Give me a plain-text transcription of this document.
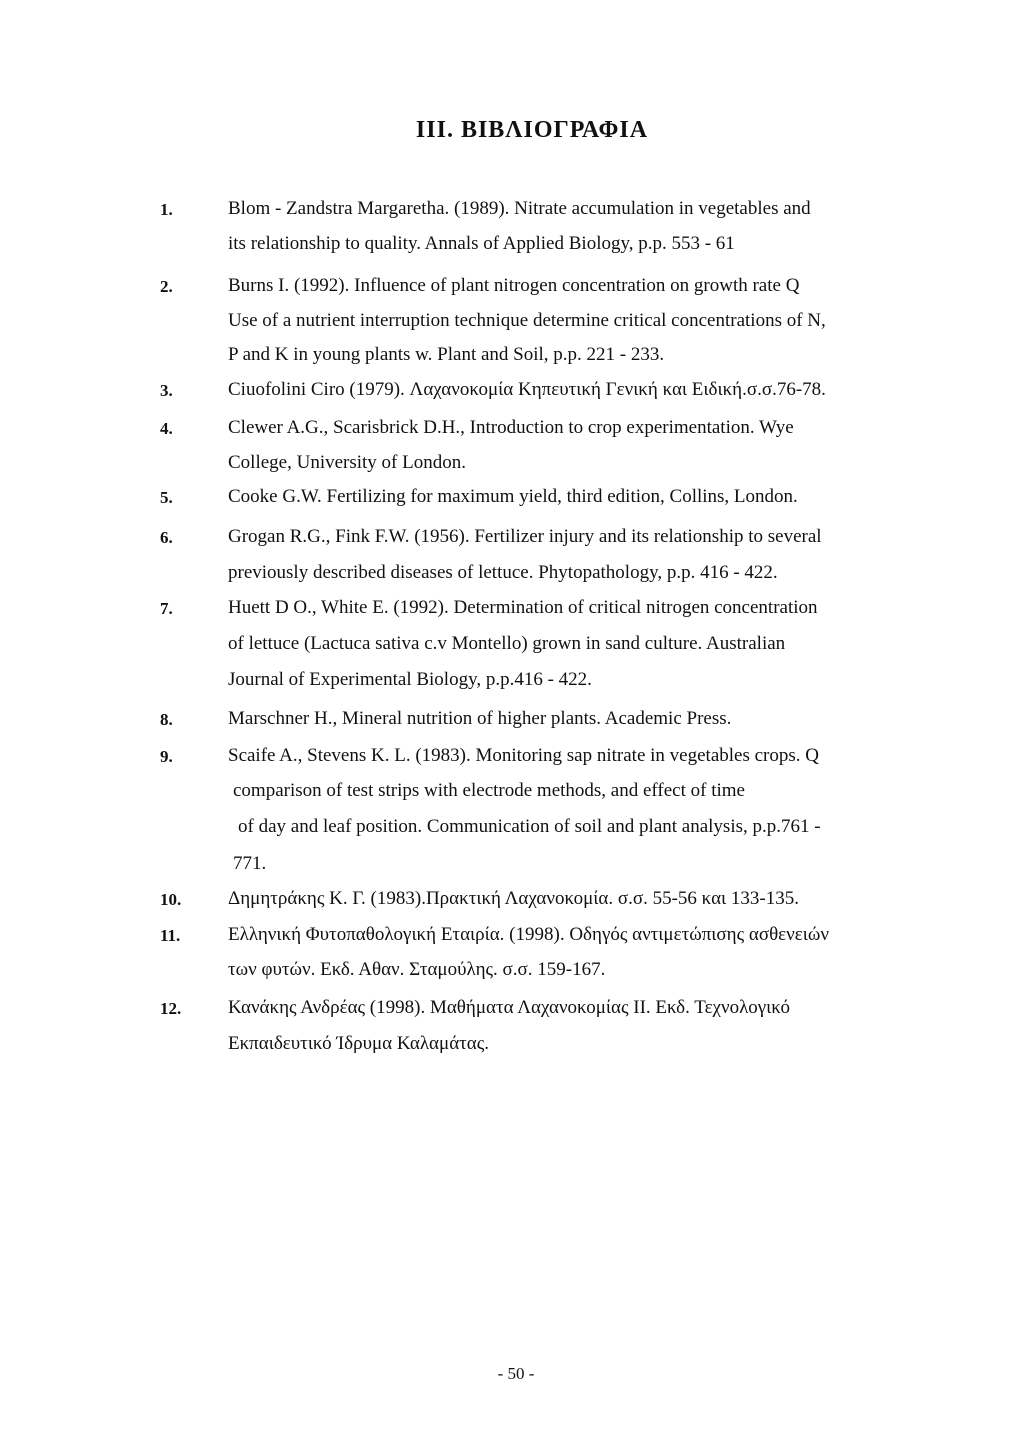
III. ΒΙΒΛΙΟΓΡΑΦΙΑ
1.	Blom - Zandstra Margaretha. (1989). Nitrate accumulation in vegetables and
its relationship to quality. Annals of Applied Biology, p.p. 553 - 61
2.	Burns I. (1992). Influence of plant nitrogen concentration on growth rate Q
Use of a nutrient interruption technique determine critical concentrations of N,
P and K in young plants w. Plant and Soil, p.p. 221 - 233.
3.	Ciuofolini Ciro (1979). Λαχανοκομία Κηπευτική Γενική και Ειδική.σ.σ.76-78.
4.	Clewer A.G., Scarisbrick D.H., Introduction to crop experimentation. Wye
College, University of London.
5.	Cooke G.W. Fertilizing for maximum yield, third edition, Collins, London.
6.	Grogan R.G., Fink F.W. (1956). Fertilizer injury and its relationship to several
previously described diseases of lettuce. Phytopathology, p.p. 416 - 422.
7.	Huett D O., White E. (1992). Determination of critical nitrogen concentration
of lettuce (Lactuca sativa c.v Montello) grown in sand culture. Australian
Journal of Experimental Biology, p.p.416 - 422.
8.	Marschner H., Mineral nutrition of higher plants. Academic Press.
9.	Scaife A., Stevens K. L. (1983). Monitoring sap nitrate in vegetables crops. Q
comparison of test strips with electrode methods, and effect of time
of day and leaf position. Communication of soil and plant analysis, p.p.761 -
771.
10. Δημητράκης Κ. Γ. (1983).Πρακτική Λαχανοκομία. σ.σ. 55-56 και 133-135.
11.	Ελληνική Φυτοπαθολογική Εταιρία. (1998). Οδηγός αντιμετώπισης ασθενειών
των φυτών. Εκδ. Αθαν. Σταμούλης. σ.σ. 159-167.
12. Κανάκης Ανδρέας (1998). Μαθήματα Λαχανοκομίας II. Εκδ. Τεχνολογικό
Εκπαιδευτικό Ίδρυμα Καλαμάτας.
- 50 -
